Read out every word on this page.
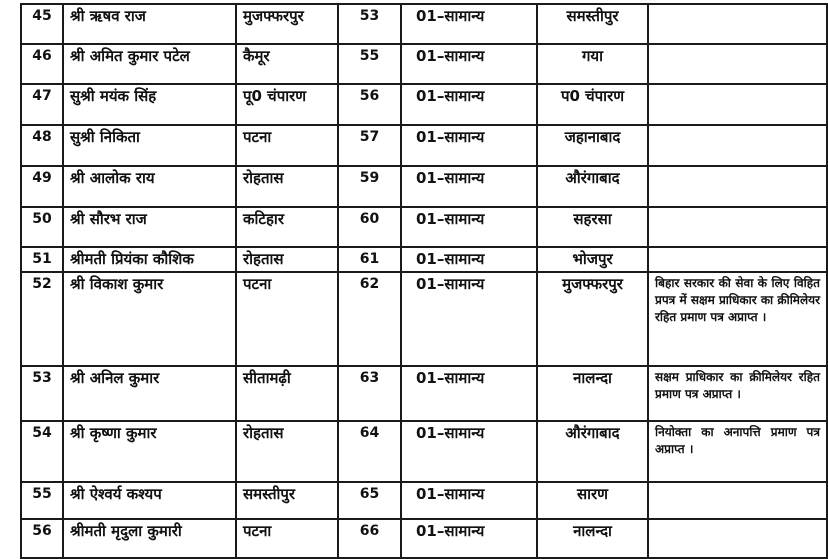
45	श्री ऋषव राज	मुजफ्फरपुर	53	01–सामान्य	समस्तीपुर	
46	श्री अमित कुमार पटेल	कैमूर	55	01–सामान्य	गया	
47	सुश्री मयंक सिंह	पू0 चंपारण	56	01–सामान्य	प0 चंपारण	
48	सुश्री निकिता	पटना	57	01–सामान्य	जहानाबाद	
49	श्री आलोक राय	रोहतास	59	01–सामान्य	औरंगाबाद	
50	श्री सौरभ राज	कटिहार	60	01–सामान्य	सहरसा	
51	श्रीमती प्रियंका कौशिक	रोहतास	61	01–सामान्य	भोजपुर	
52	श्री विकाश कुमार	पटना	62	01–सामान्य	मुजफ्फरपुर	बिहार सरकार की सेवा के लिए विहित प्रपत्र में सक्षम प्राधिकार का क्रीमिलेयर रहित प्रमाण पत्र अप्राप्त ।
53	श्री अनिल कुमार	सीतामढ़ी	63	01–सामान्य	नालन्दा	सक्षम प्राधिकार का क्रीमिलेयर रहित प्रमाण पत्र अप्राप्त ।
54	श्री कृष्णा कुमार	रोहतास	64	01–सामान्य	औरंगाबाद	नियोक्ता का अनापत्ति प्रमाण पत्र अप्राप्त ।
55	श्री ऐश्वर्य कश्यप	समस्तीपुर	65	01–सामान्य	सारण	
56	श्रीमती मृदुला कुमारी	पटना	66	01–सामान्य	नालन्दा	
